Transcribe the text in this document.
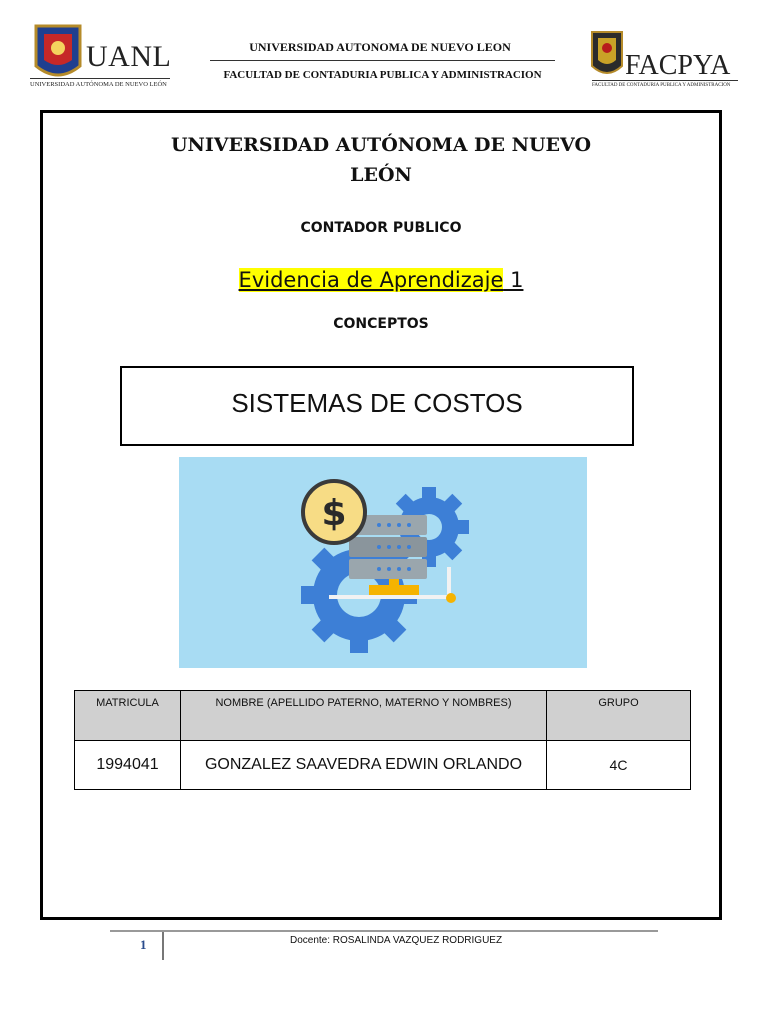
UANL
UNIVERSIDAD AUTÓNOMA DE NUEVO LEÓN
UNIVERSIDAD AUTONOMA DE NUEVO LEON
FACULTAD DE CONTADURIA PUBLICA Y ADMINISTRACION	FACPYA
FACULTAD DE CONTADURIA PUBLICA Y ADMINISTRACION
UNIVERSIDAD AUTÓNOMA DE NUEVO
LEÓN
CONTADOR PUBLICO
Evidencia de Aprendizaje 1
CONCEPTOS
SISTEMAS DE COSTOS
$
MATRICULA	NOMBRE (APELLIDO PATERNO, MATERNO Y NOMBRES)	GRUPO
1994041	GONZALEZ SAAVEDRA EDWIN ORLANDO	4C
1	Docente: ROSALINDA VAZQUEZ RODRIGUEZ
